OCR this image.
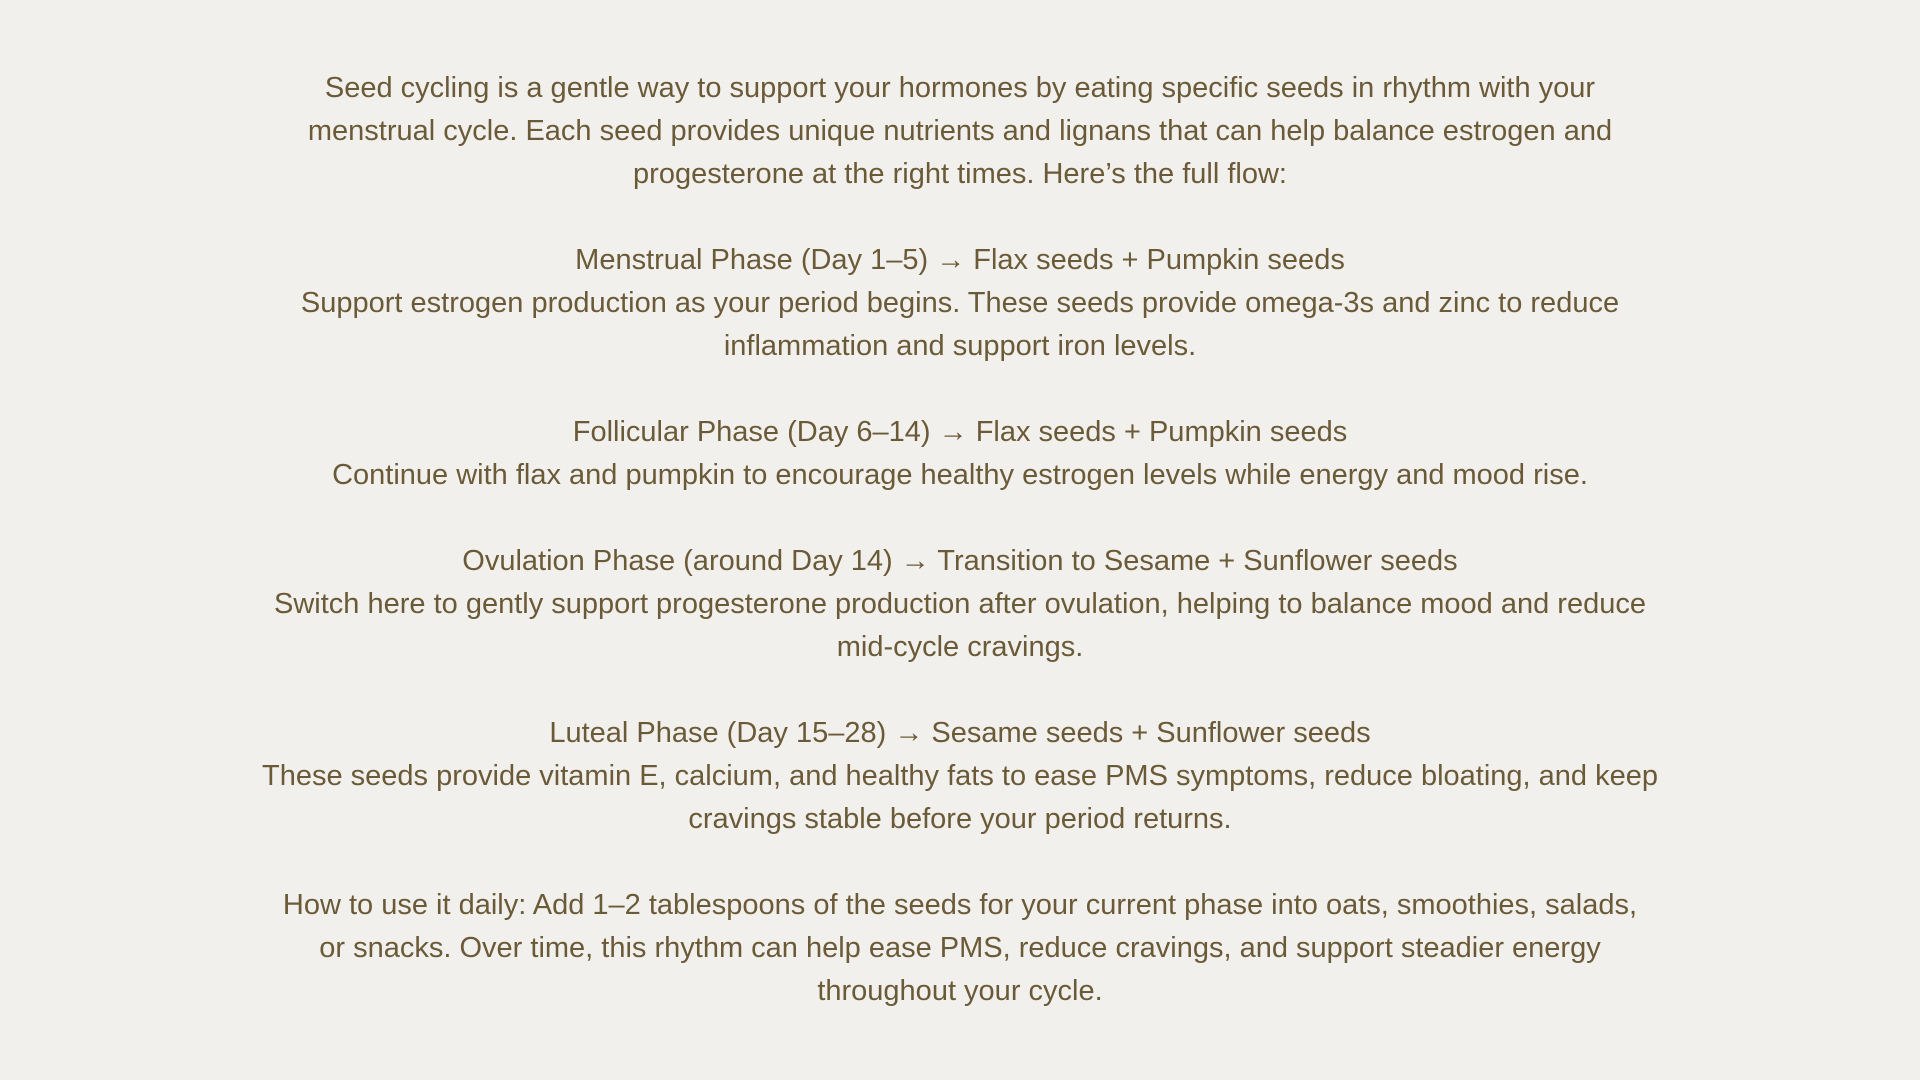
Seed cycling is a gentle way to support your hormones by eating specific seeds in rhythm with your menstrual cycle. Each seed provides unique nutrients and lignans that can help balance estrogen and progesterone at the right times. Here’s the full flow:

Menstrual Phase (Day 1–5) → Flax seeds + Pumpkin seeds
Support estrogen production as your period begins. These seeds provide omega-3s and zinc to reduce inflammation and support iron levels.
Follicular Phase (Day 6–14) → Flax seeds + Pumpkin seeds
Continue with flax and pumpkin to encourage healthy estrogen levels while energy and mood rise.
Ovulation Phase (around Day 14) → Transition to Sesame + Sunflower seeds
Switch here to gently support progesterone production after ovulation, helping to balance mood and reduce mid-cycle cravings.
Luteal Phase (Day 15–28) → Sesame seeds + Sunflower seeds
These seeds provide vitamin E, calcium, and healthy fats to ease PMS symptoms, reduce bloating, and keep cravings stable before your period returns.
How to use it daily: Add 1–2 tablespoons of the seeds for your current phase into oats, smoothies, salads, or snacks. Over time, this rhythm can help ease PMS, reduce cravings, and support steadier energy throughout your cycle.
